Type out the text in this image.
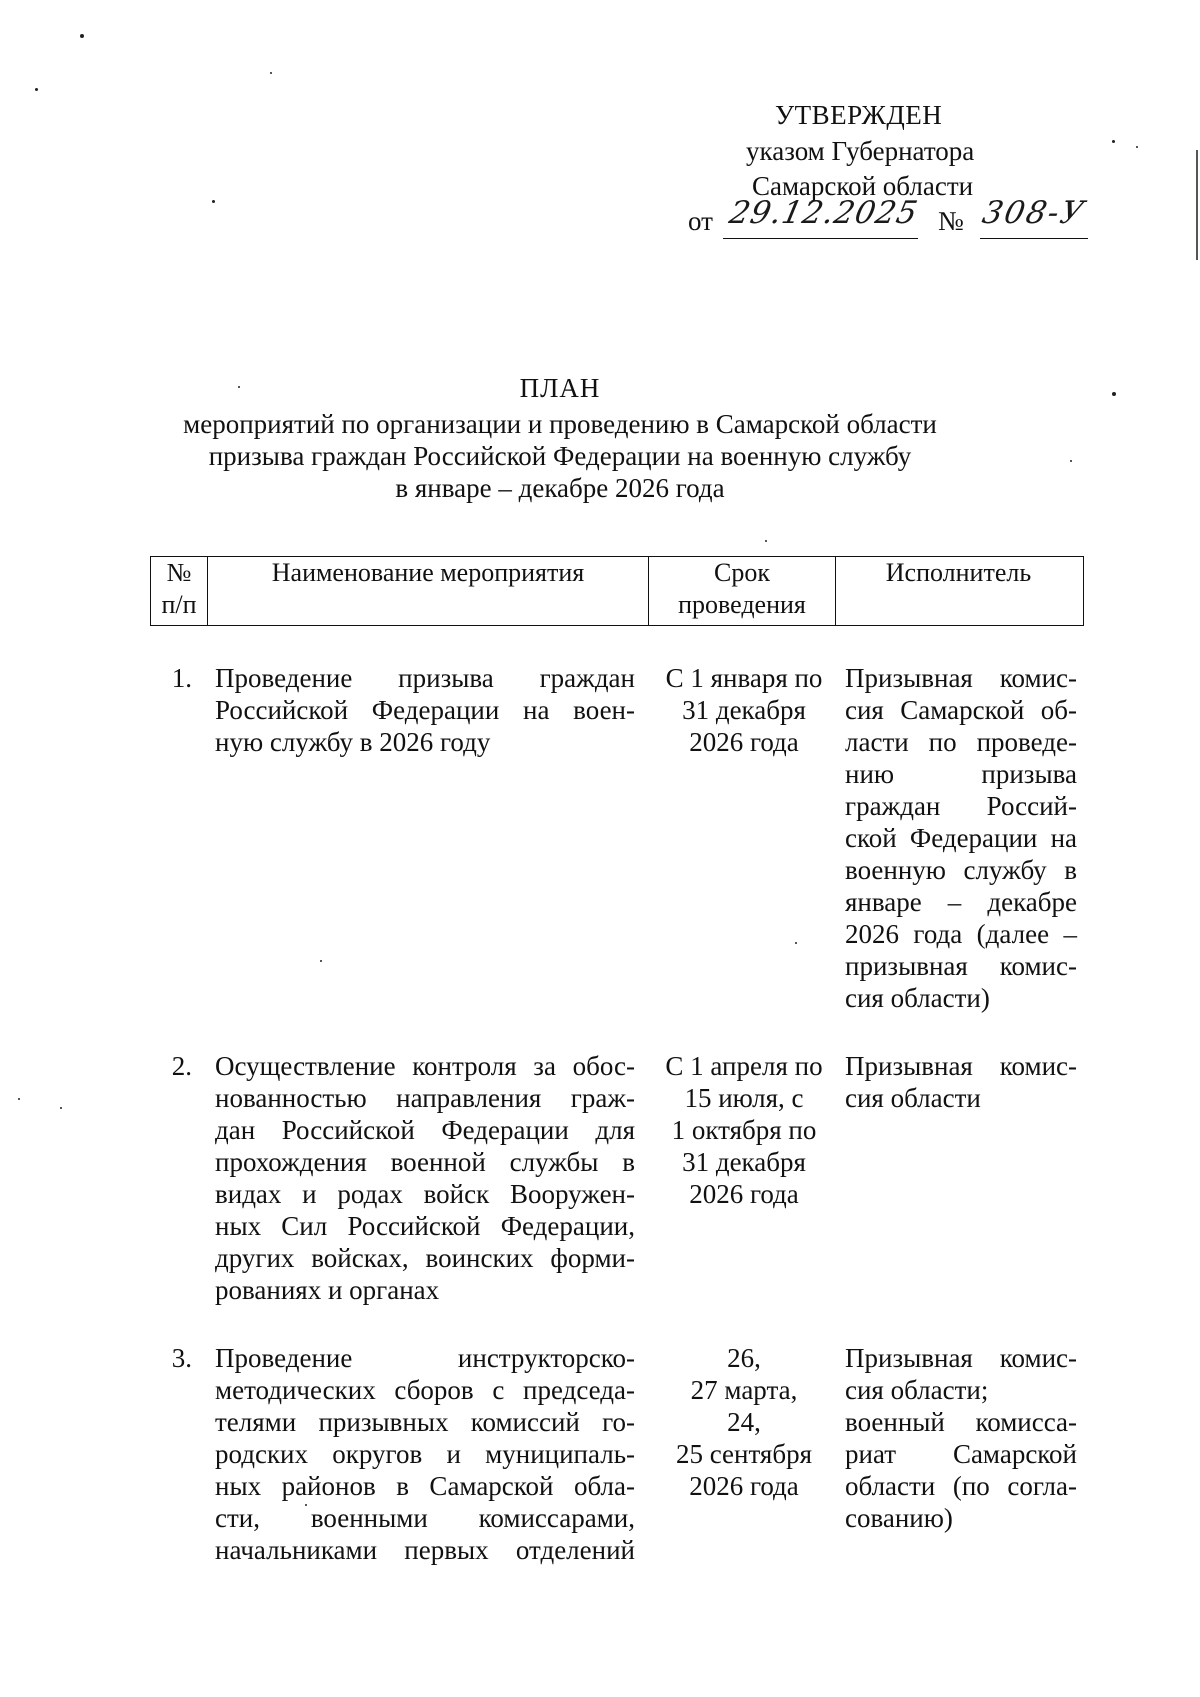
УТВЕРЖДЕН
указом Губернатора
Самарской области
от 29.12.2025 № 308-У
ПЛАН
мероприятий по организации и проведению в Самарской области
призыва граждан Российской Федерации на военную службу
в январе – декабре 2026 года
№
п/п
Наименование мероприятия	Срок
проведения
Исполнитель
1. Проведение призыва граждан
Российской Федерации на воен-
ную службу в 2026 году
С 1 января по
31 декабря
2026 года
Призывная комис-
сия Самарской об-
ласти по проведе-
нию призыва
граждан Россий-
ской Федерации на
военную службу в
январе – декабре
2026 года (далее –
призывная комис-
сия области)
2. Осуществление контроля за обос-
нованностью направления граж-
дан Российской Федерации для
прохождения военной службы в
видах и родах войск Вооружен-
ных Сил Российской Федерации,
других войсках, воинских форми-
рованиях и органах
С 1 апреля по
15 июля, с
1 октября по
31 декабря
2026 года
Призывная комис-
сия области
3. Проведение инструкторско-
методических сборов с председа-
телями призывных комиссий го-
родских округов и муниципаль-
ных районов в Самарской обла-
сти, военными комиссарами,
начальниками первых отделений
26,
27 марта,
24,
25 сентября
2026 года
Призывная комис-
сия области;
военный комисса-
риат Самарской
области (по согла-
сованию)
